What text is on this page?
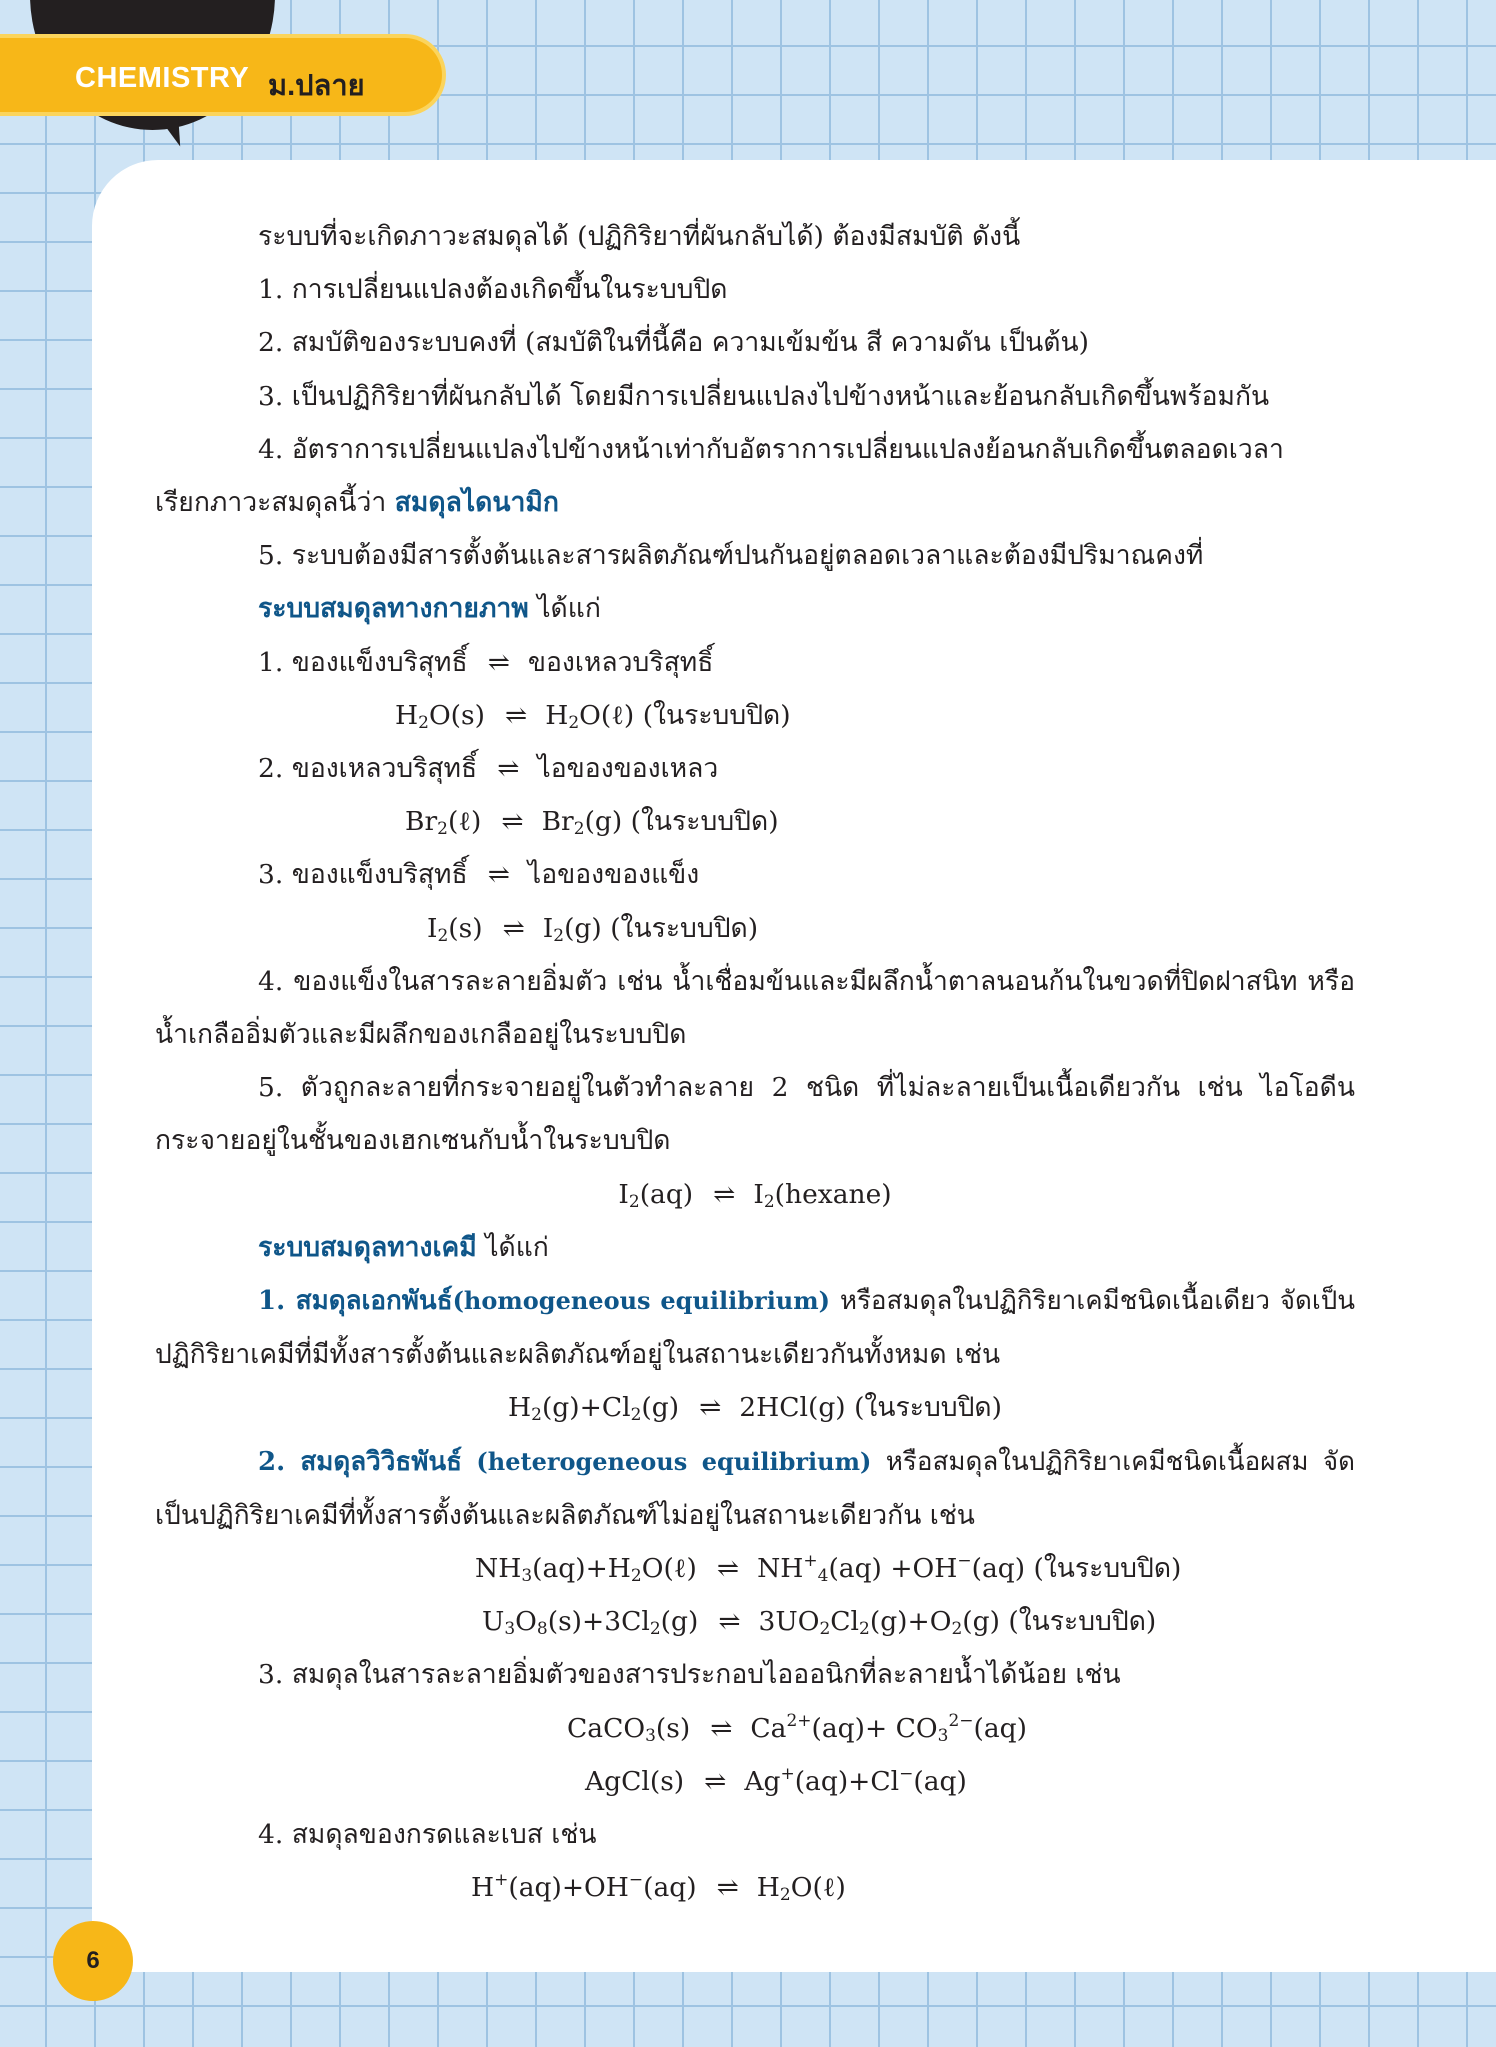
CHEMISTRY ม.ปลาย

ระบบที่จะเกิดภาวะสมดุลได้ (ปฏิกิริยาที่ผันกลับได้) ต้องมีสมบัติ ดังนี้

1. การเปลี่ยนแปลงต้องเกิดขึ้นในระบบปิด

2. สมบัติของระบบคงที่ (สมบัติในที่นี้คือ ความเข้มข้น สี ความดัน เป็นต้น)

3. เป็นปฏิกิริยาที่ผันกลับได้ โดยมีการเปลี่ยนแปลงไปข้างหน้าและย้อนกลับเกิดขึ้นพร้อมกัน

4. อัตราการเปลี่ยนแปลงไปข้างหน้าเท่ากับอัตราการเปลี่ยนแปลงย้อนกลับเกิดขึ้นตลอดเวลา

เรียกภาวะสมดุลนี้ว่า สมดุลไดนามิก

5. ระบบต้องมีสารตั้งต้นและสารผลิตภัณฑ์ปนกันอยู่ตลอดเวลาและต้องมีปริมาณคงที่

ระบบสมดุลทางกายภาพ ได้แก่

1. ของแข็งบริสุทธิ์ ⇌ ของเหลวบริสุทธิ์

$H_2O(s)$ ⇌ $H_2O(\ell)$ (ในระบบปิด)

2. ของเหลวบริสุทธิ์ ⇌ ไอของของเหลว

$Br_2(\ell)$ ⇌ $Br_2(g)$ (ในระบบปิด)

3. ของแข็งบริสุทธิ์ ⇌ ไอของของแข็ง

$I_2(s)$ ⇌ $I_2(g)$ (ในระบบปิด)

4. ของแข็งในสารละลายอิ่มตัว เช่น น้ำเชื่อมข้นและมีผลึกน้ำตาลนอนก้นในขวดที่ปิดฝาสนิท หรือ

น้ำเกลืออิ่มตัวและมีผลึกของเกลืออยู่ในระบบปิด

5. ตัวถูกละลายที่กระจายอยู่ในตัวทำละลาย 2 ชนิด ที่ไม่ละลายเป็นเนื้อเดียวกัน เช่น ไอโอดีน

กระจายอยู่ในชั้นของเฮกเซนกับน้ำในระบบปิด

$I_2(aq)$ ⇌ $I_2(hexane)$

ระบบสมดุลทางเคมี ได้แก่

1. สมดุลเอกพันธ์(homogeneous equilibrium) หรือสมดุลในปฏิกิริยาเคมีชนิดเนื้อเดียว จัดเป็น

ปฏิกิริยาเคมีที่มีทั้งสารตั้งต้นและผลิตภัณฑ์อยู่ในสถานะเดียวกันทั้งหมด เช่น

$H_2(g)+Cl_2(g)$ ⇌ 2HCl(g) (ในระบบปิด)

2. สมดุลวิวิธพันธ์ (heterogeneous equilibrium) หรือสมดุลในปฏิกิริยาเคมีชนิดเนื้อผสม จัด

เป็นปฏิกิริยาเคมีที่ทั้งสารตั้งต้นและผลิตภัณฑ์ไม่อยู่ในสถานะเดียวกัน เช่น

$NH_3(aq)+H_2O(\ell)$ ⇌ $NH^+_4(aq) +OH^-(aq)$ (ในระบบปิด)

$U_3O_8(s)+3Cl_2(g)$ ⇌ $3UO_2Cl_2(g)+O_2(g)$ (ในระบบปิด)

3. สมดุลในสารละลายอิ่มตัวของสารประกอบไอออนิกที่ละลายน้ำได้น้อย เช่น

CaCO$_3$(s) ⇌ $Ca^{2+}(aq)+ CO_3^{2-}(aq)$

AgCl(s) ⇌ Ag+(aq)+Cl−(aq)

4. สมดุลของกรดและเบส เช่น

H+(aq)+OH−(aq) ⇌ $H_2O(\ell)$

6
